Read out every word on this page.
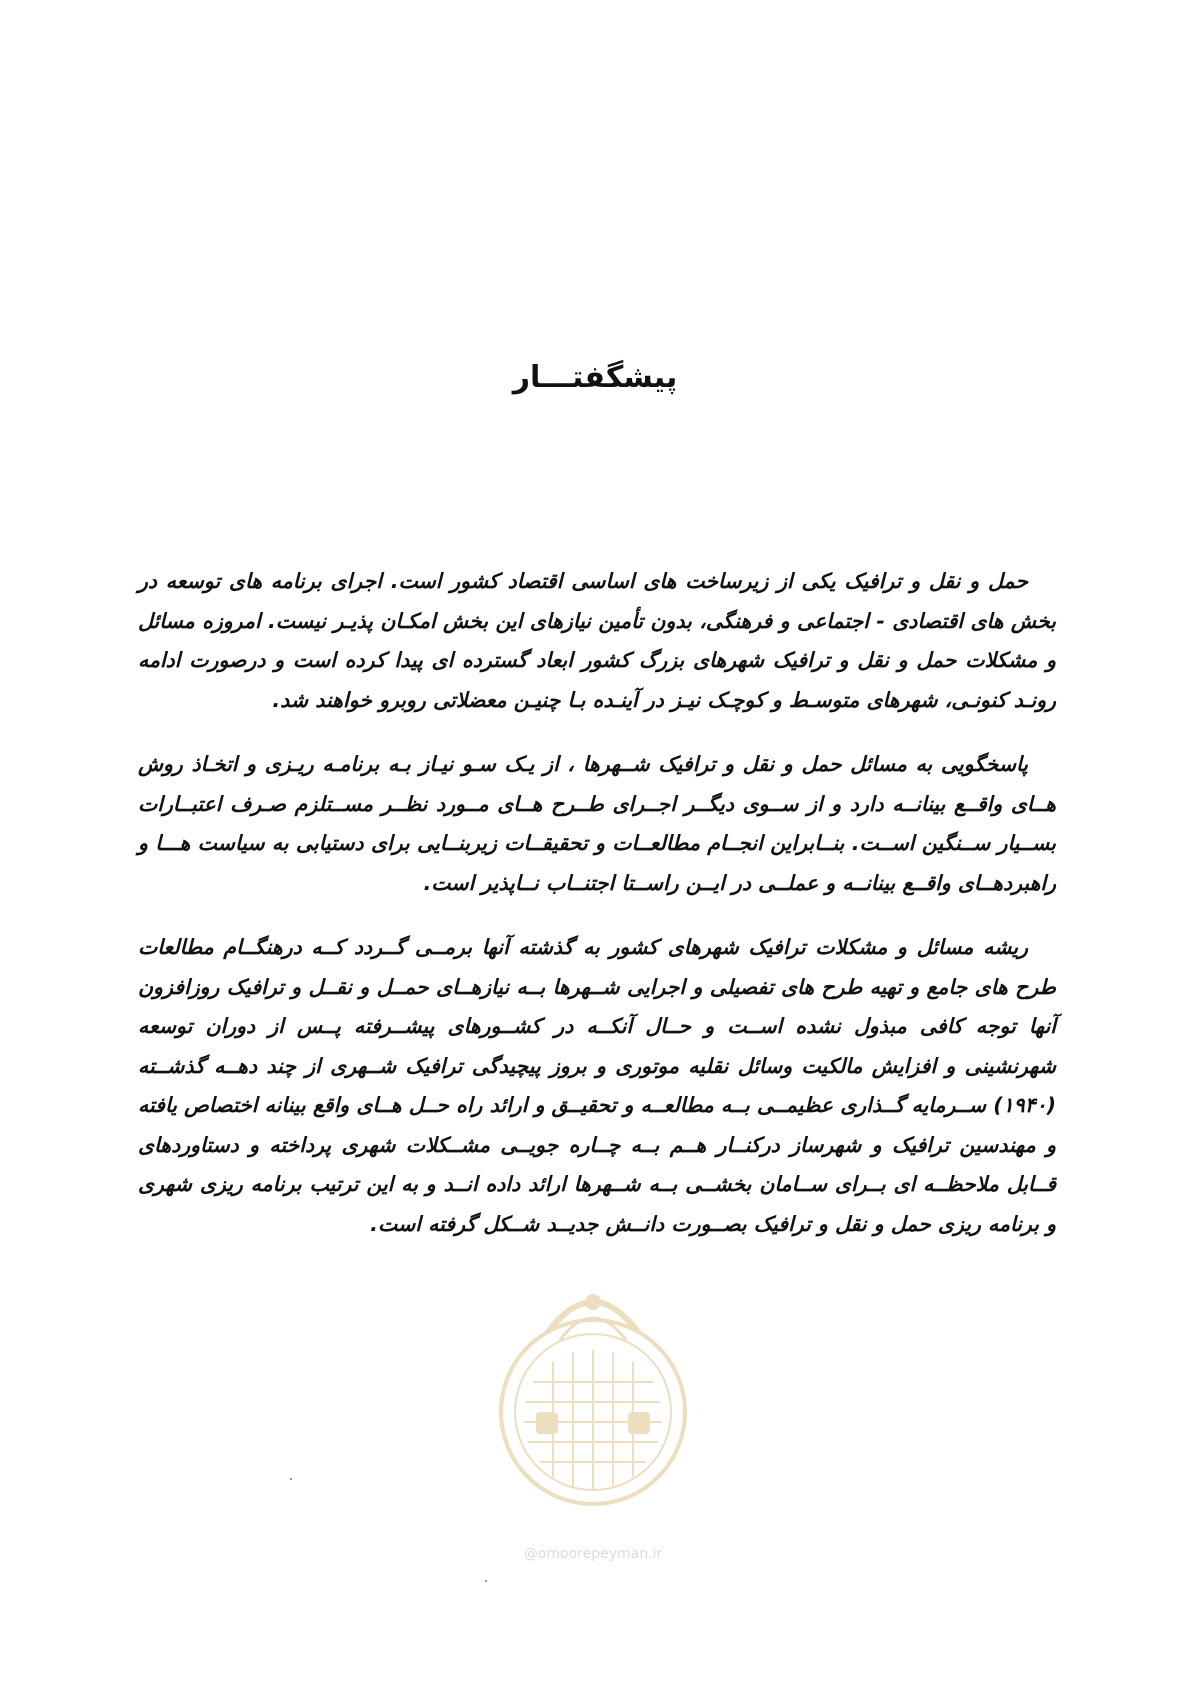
پیشگفتـــار

حمل و نقل و ترافیک یکی از زیرساخت های اساسی اقتصاد کشور است. اجرای برنامه های توسعه در بخش های اقتصادی - اجتماعی و فرهنگی، بدون تأمین نیازهای این بخش امکـان پذیـر نیست. امروزه مسائل و مشکلات حمل و نقل و ترافیک شهرهای بزرگ کشور ابعاد گسترده ای پیدا کرده است و درصورت ادامه رونـد کنونـی، شهرهای متوسـط و کوچـک نیـز در آینـده بـا چنیـن معضلاتی روبرو خواهند شد.

پاسخگویی به مسائل حمل و نقل و ترافیک شــهرها ، از یـک سـو نیـاز بـه برنامـه ریـزی و اتخـاذ روش هــای واقــع بینانــه دارد و از ســوی دیگــر اجــرای طــرح هــای مــورد نظــر مســتلزم صـرف اعتبــارات بســیار ســنگین اســت. بنــابراین انجــام مطالعــات و تحقیقــات زیربنــایی برای دستیابی به سیاست هـــا و راهبردهــای واقــع بینانــه و عملــی در ایــن راســتا اجتنــاب نــاپذیر است.

ریشه مسائل و مشکلات ترافیک شهرهای کشور به گذشته آنها برمــی گــردد کــه درهنگــام مطالعات طرح های جامع و تهیه طرح های تفصیلی و اجرایی شــهرها بــه نیازهــای حمــل و نقــل و ترافیک روزافزون آنها توجه کافی مبذول نشده اســت و حــال آنکــه در کشــورهای پیشــرفته پــس از دوران توسعه شهرنشینی و افزایش مالکیت وسائل نقلیه موتوری و بروز پیچیدگی ترافیک شــهری از چند دهــه گذشــته (۱۹۴۰) ســرمایه گــذاری عظیمــی بــه مطالعــه و تحقیــق و ارائد راه حــل هــای واقع بینانه اختصاص یافته و مهندسین ترافیک و شهرساز درکنــار هــم بــه چــاره جویــی مشــکلات شهری پرداخته و دستاوردهای قــابل ملاحظــه ای بــرای ســامان بخشــی بــه شــهرها ارائد داده انــد و به این ترتیب برنامه ریزی شهری و برنامه ریزی حمل و نقل و ترافیک بصــورت دانــش جدیــد شــکل گرفته است.

@omoorepeyman.ir
